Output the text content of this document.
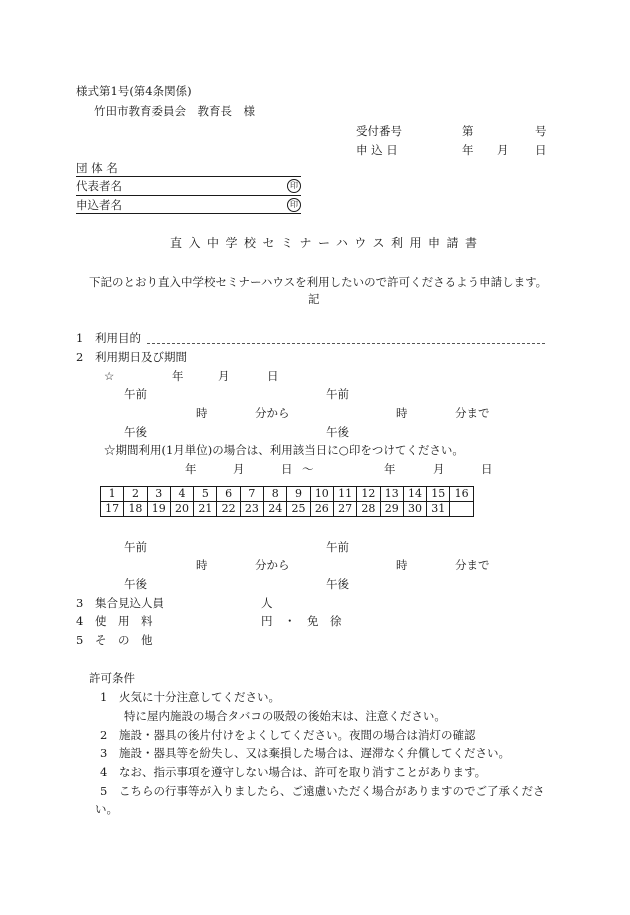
様式第1号(第4条関係)
竹田市教育委員会　教育長　様
受付番号	第	号
申 込 日	年 月 日
団 体 名
代表者名	印
申込者名	印
直入中学校セミナーハウス利用申請書
下記のとおり直入中学校セミナーハウスを利用したいので許可くださるよう申請します。
記
1 利用目的
2 利用期日及び期間
☆	年	月	日
午前	午前
時	分から	時	分まで
午後	午後
☆期間利用(1月単位)の場合は、利用該当日に○印をつけてください。
年	月	日 〜	年	月	日
1	2	3	4	5	6	7	8	9	10	11	12	13	14	15	16
17	18	19	20	21	22	23	24	25	26	27	28	29	30	31	
午前	午前
時	分から	時	分まで
午後	午後
3 集合見込人員	人
4 使　用　料	円　・　免　徐
5 そ　の　他
許可条件
1 火気に十分注意してください。
特に屋内施設の場合タバコの吸殻の後始末は、注意ください。
2 施設・器具の後片付けをよくしてください。夜間の場合は消灯の確認
3 施設・器具等を紛失し、又は棄損した場合は、遅滞なく弁償してください。
4 なお、指示事項を遵守しない場合は、許可を取り消すことがあります。
5 こちらの行事等が入りましたら、ご遠慮いただく場合がありますのでご了承くださ
い。
